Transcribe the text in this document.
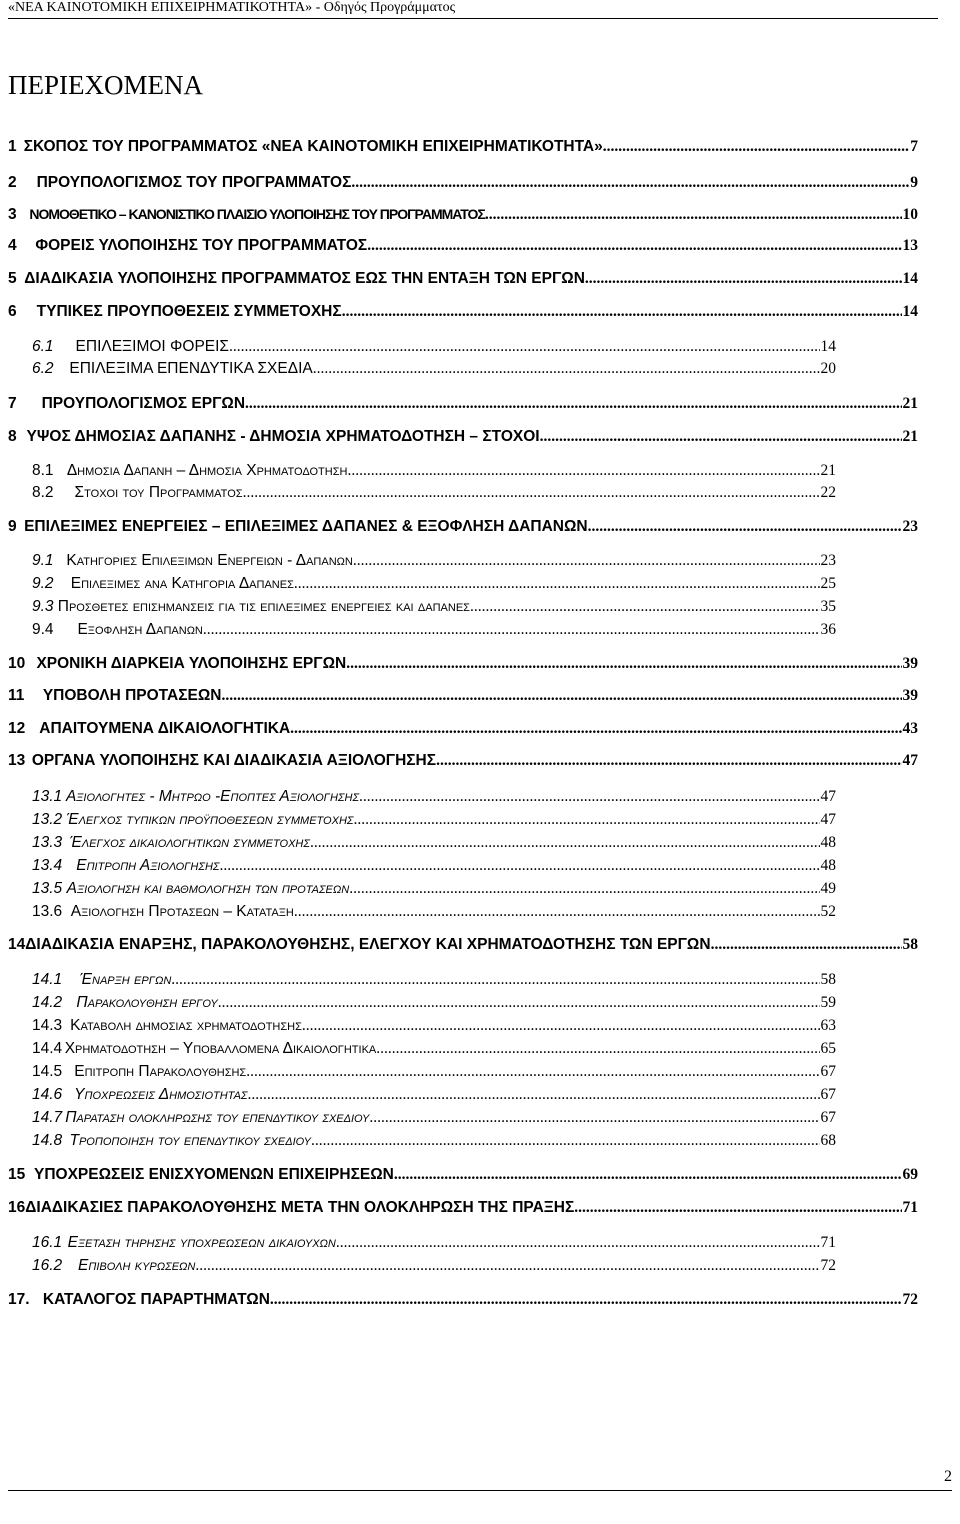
«ΝΕΑ ΚΑΙΝΟΤΟΜΙΚΗ ΕΠΙΧΕΙΡΗΜΑΤΙΚΟΤΗΤΑ» - Οδηγός Προγράμματος
ΠΕΡΙΕΧΟΜΕΝΑ
1 ΣΚΟΠΟΣ ΤΟΥ ΠΡΟΓΡΑΜΜΑΤΟΣ «ΝΕΑ ΚΑΙΝΟΤΟΜΙΚΗ ΕΠΙΧΕΙΡΗΜΑΤΙΚΟΤΗΤΑ» .....	7
2	ΠΡΟΥΠΟΛΟΓΙΣΜΟΣ ΤΟΥ ΠΡΟΓΡΑΜΜΑΤΟΣ .....	9
3 ΝΟΜΟΘΕΤΙΚΟ – ΚΑΝΟΝΙΣΤΙΚΟ ΠΛΑΙΣΙΟ ΥΛΟΠΟΙΗΣΗΣ ΤΟΥ ΠΡΟΓΡΑΜΜΑΤΟΣ .....	10
4	ΦΟΡΕΙΣ ΥΛΟΠΟΙΗΣΗΣ ΤΟΥ ΠΡΟΓΡΑΜΜΑΤΟΣ .....	13
5 ΔΙΑΔΙΚΑΣΙΑ ΥΛΟΠΟΙΗΣΗΣ ΠΡΟΓΡΑΜΜΑΤΟΣ ΕΩΣ ΤΗΝ ΕΝΤΑΞΗ ΤΩΝ ΕΡΓΩΝ .....	14
6	ΤΥΠΙΚΕΣ ΠΡΟΥΠΟΘΕΣΕΙΣ ΣΥΜΜΕΤΟΧΗΣ .....	14
6.1	ΕΠΙΛΕΞΙΜΟΙ ΦΟΡΕΙΣ .....	14
6.2	ΕΠΙΛΕΞΙΜΑ ΕΠΕΝΔΥΤΙΚΑ ΣΧΕΔΙΑ .....	20
7	ΠΡΟΥΠΟΛΟΓΙΣΜΟΣ ΕΡΓΩΝ .....	21
8 ΥΨΟΣ ΔΗΜΟΣΙΑΣ ΔΑΠΑΝΗΣ - ΔΗΜΟΣΙΑ ΧΡΗΜΑΤΟΔΟΤΗΣΗ – ΣΤΟΧΟΙ .....	21
8.1 Δημοσια Δαπανη – Δημοσια Χρηματοδοτηση .....	21
8.2	Στοχοι του Προγραμματος .....	22
9 ΕΠΙΛΕΞΙΜΕΣ ΕΝΕΡΓΕΙΕΣ – ΕΠΙΛΕΞΙΜΕΣ ΔΑΠΑΝΕΣ & ΕΞΟΦΛΗΣΗ ΔΑΠΑΝΩΝ .....	23
9.1 Κατηγοριες Επιλεξιμων Ενεργειων - Δαπανων .....	23
9.2	Επιλεξιμες ανα Κατηγορια Δαπανες .....	25
9.3 Προσθετες επισημανσεις για τις επιλεξιμες ενεργειες και δαπανες .....	35
9.4	Εξοφληση Δαπανων .....	36
10 ΧΡΟΝΙΚΗ ΔΙΑΡΚΕΙΑ ΥΛΟΠΟΙΗΣΗΣ ΕΡΓΩΝ .....	39
11	ΥΠΟΒΟΛΗ ΠΡΟΤΑΣΕΩΝ .....	39
12 ΑΠΑΙΤΟΥΜΕΝΑ ΔΙΚΑΙΟΛΟΓΗΤΙΚΑ .....	43
13 ΟΡΓΑΝΑ ΥΛΟΠΟΙΗΣΗΣ ΚΑΙ ΔΙΑΔΙΚΑΣΙΑ ΑΞΙΟΛΟΓΗΣΗΣ .....	47
13.1 Αξιολογητες - Μητρωο -Εποπτες Αξιολογησης .....	47
13.2 Έλεγχος τυπικων προϋποθεσεων συμμετοχης .....	47
13.3 Έλεγχος δικαιολογητικων συμμετοχης .....	48
13.4 Επιτροπη Αξιολογησης .....	48
13.5 Αξιολογηση και βαθμολογηση των προτασεων .....	49
13.6 Αξιολογηση Προτασεων – Καταταξη .....	52
14 ΔΙΑΔΙΚΑΣΙΑ ΕΝΑΡΞΗΣ, ΠΑΡΑΚΟΛΟΥΘΗΣΗΣ, ΕΛΕΓΧΟΥ ΚΑΙ ΧΡΗΜΑΤΟΔΟΤΗΣΗΣ ΤΩΝ ΕΡΓΩΝ .....	58
14.1	Έναρξη εργων .....	58
14.2 Παρακολουθηση εργου .....	59
14.3 Καταβολη δημοσιας χρηματοδοτησης .....	63
14.4 Χρηματοδοτηση – Υποβαλλομενα Δικαιολογητικα .....	65
14.5 Επιτροπη Παρακολουθησης .....	67
14.6 Υποχρεωσεις Δημοσιοτητας .....	67
14.7 Παραταση ολοκληρωσης του επενδυτικου σχεδιου .....	67
14.8 Τροποποιηση του επενδυτικου σχεδιου .....	68
15 ΥΠΟΧΡΕΩΣΕΙΣ ΕΝΙΣΧΥΟΜΕΝΩΝ ΕΠΙΧΕΙΡΗΣΕΩΝ .....	69
16 ΔΙΑΔΙΚΑΣΙΕΣ ΠΑΡΑΚΟΛΟΥΘΗΣΗΣ ΜΕΤΑ ΤΗΝ ΟΛΟΚΛΗΡΩΣΗ ΤΗΣ ΠΡΑΞΗΣ .....	71
16.1 Εξεταση τηρησης υποχρεωσεων δικαιουχων .....	71
16.2	Επιβολη κυρωσεων .....	72
17. ΚΑΤΑΛΟΓΟΣ ΠΑΡΑΡΤΗΜΑΤΩΝ .....	72
2
